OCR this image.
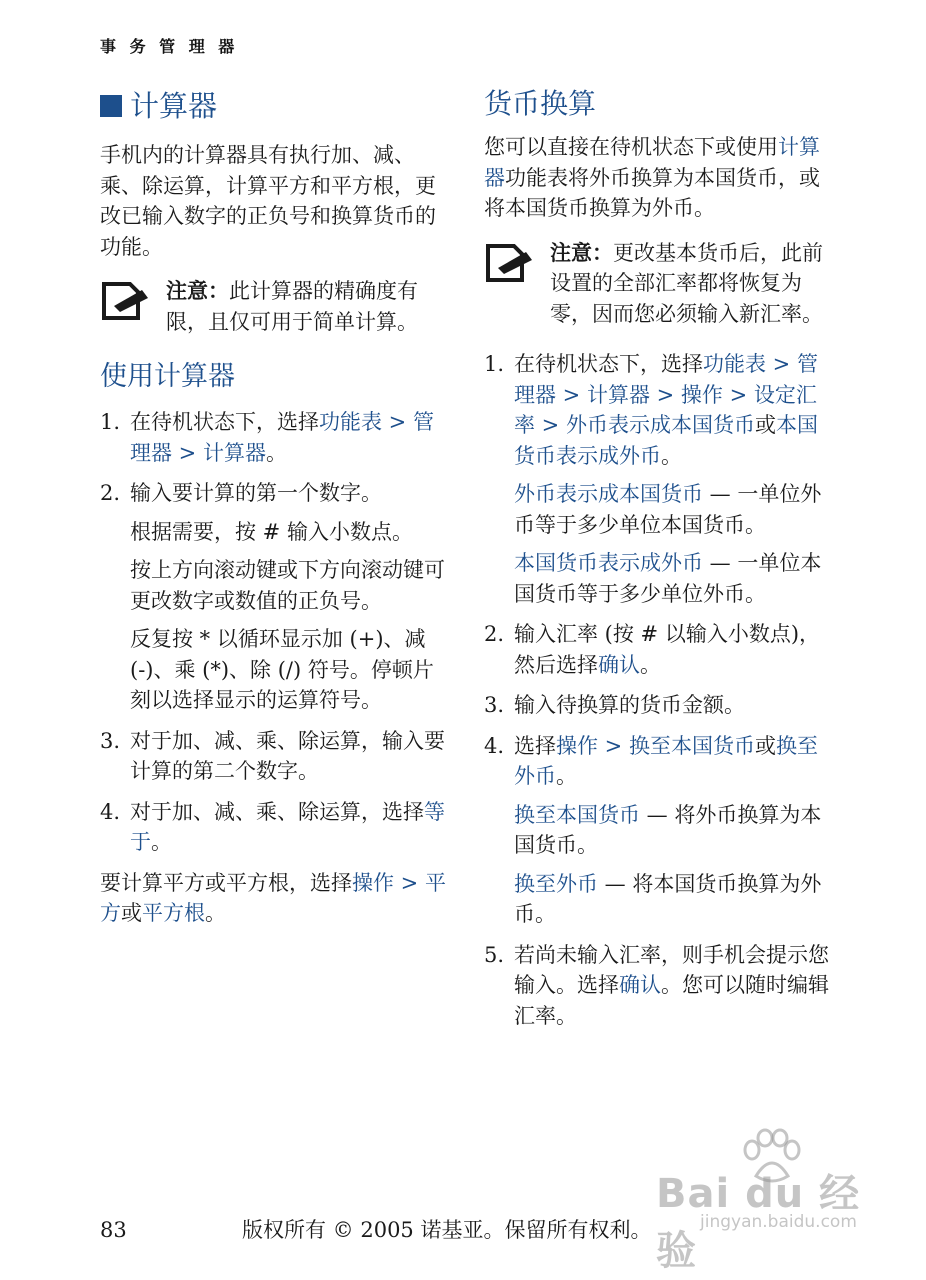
事 务 管 理 器
计算器

手机内的计算器具有执行加、减、乘、除运算，计算平方和平方根，更改已输入数字的正负号和换算货币的功能。

注意：此计算器的精确度有限，且仅可用于简单计算。

使用计算器
1. 在待机状态下，选择功能表 > 管理器 > 计算器。

2. 输入要计算的第一个数字。

根据需要，按 # 输入小数点。

按上方向滚动键或下方向滚动键可更改数字或数值的正负号。

反复按 * 以循环显示加 (+)、减 (-)、乘 (*)、除 (/) 符号。停顿片刻以选择显示的运算符号。

3. 对于加、减、乘、除运算，输入要计算的第二个数字。

4. 对于加、减、乘、除运算，选择等于。

要计算平方或平方根，选择操作 > 平方或平方根。

货币换算

您可以直接在待机状态下或使用计算器功能表将外币换算为本国货币，或将本国货币换算为外币。

注意：更改基本货币后，此前设置的全部汇率都将恢复为零，因而您必须输入新汇率。

1. 在待机状态下，选择功能表 > 管理器 > 计算器 > 操作 > 设定汇率 > 外币表示成本国货币或本国货币表示成外币。

外币表示成本国货币 — 一单位外币等于多少单位本国货币。

本国货币表示成外币 — 一单位本国货币等于多少单位外币。

2. 输入汇率 (按 # 以输入小数点)，然后选择确认。

3. 输入待换算的货币金额。

4. 选择操作 > 换至本国货币或换至外币。

换至本国货币 — 将外币换算为本国货币。

换至外币 — 将本国货币换算为外币。

5. 若尚未输入汇率，则手机会提示您输入。选择确认。您可以随时编辑汇率。

Bai du 经验
jingyan.baidu.com
83	版权所有 © 2005 诺基亚。保留所有权利。
